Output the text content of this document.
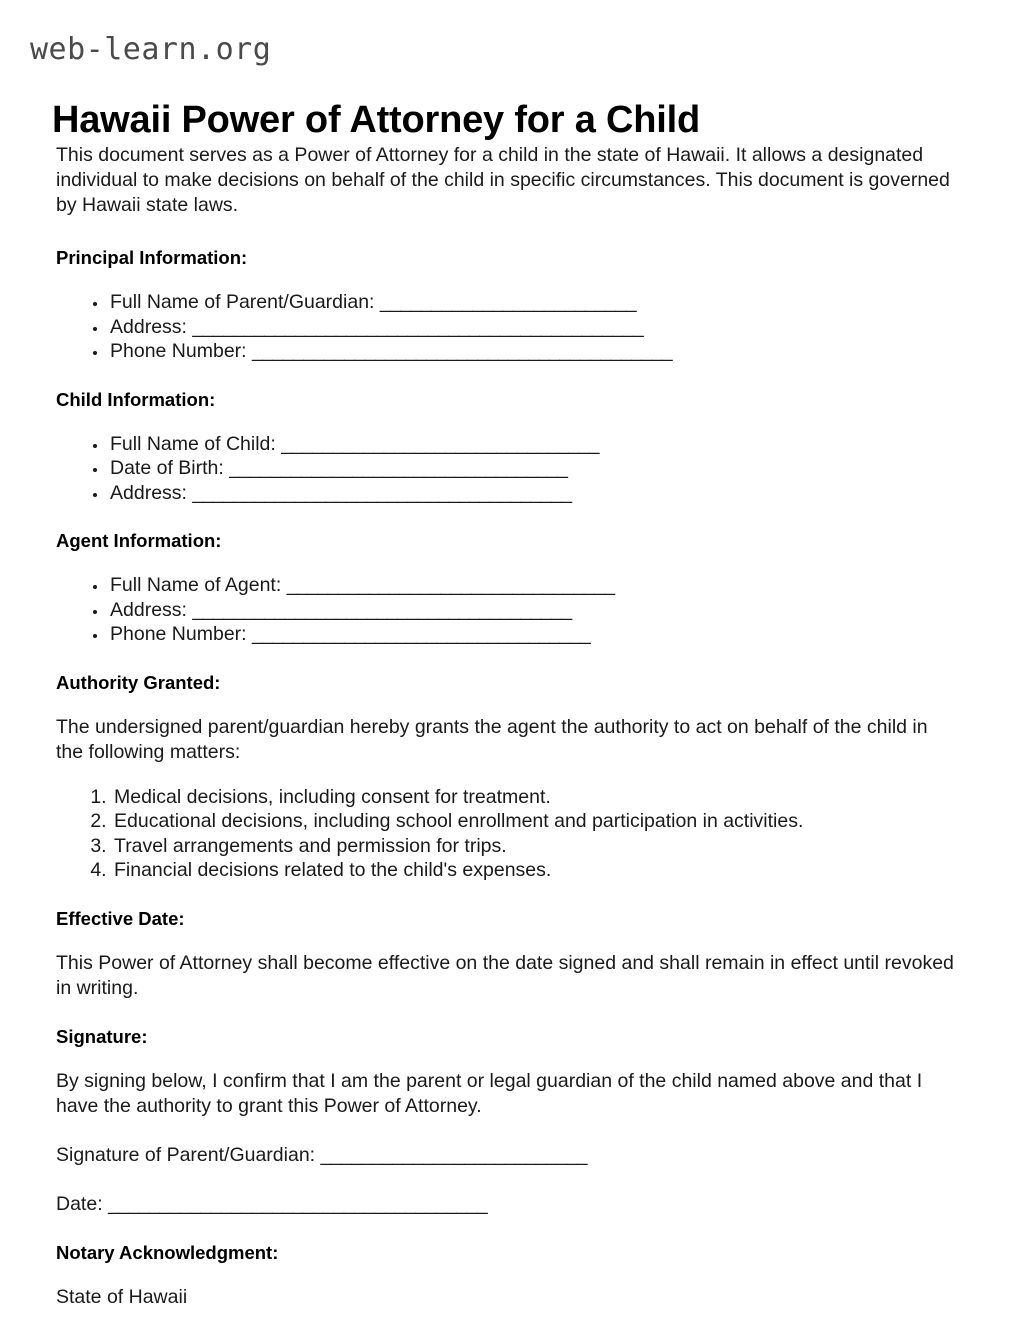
web-learn.org
Hawaii Power of Attorney for a Child

This document serves as a Power of Attorney for a child in the state of Hawaii. It allows a designated individual to make decisions on behalf of the child in specific circumstances. This document is governed by Hawaii state laws.

Principal Information:
• Full Name of Parent/Guardian: _________________________
• Address: ____________________________________________
• Phone Number: _________________________________________
Child Information:
• Full Name of Child: _______________________________
• Date of Birth: _________________________________
• Address: _____________________________________
Agent Information:
• Full Name of Agent: ________________________________
• Address: _____________________________________
• Phone Number: _________________________________
Authority Granted:

The undersigned parent/guardian hereby grants the agent the authority to act on behalf of the child in the following matters:

1. Medical decisions, including consent for treatment.
2. Educational decisions, including school enrollment and participation in activities.
3. Travel arrangements and permission for trips.
4. Financial decisions related to the child's expenses.
Effective Date:

This Power of Attorney shall become effective on the date signed and shall remain in effect until revoked in writing.

Signature:

By signing below, I confirm that I am the parent or legal guardian of the child named above and that I have the authority to grant this Power of Attorney.

Signature of Parent/Guardian: __________________________
Date: _____________________________________
Notary Acknowledgment:
State of Hawaii
